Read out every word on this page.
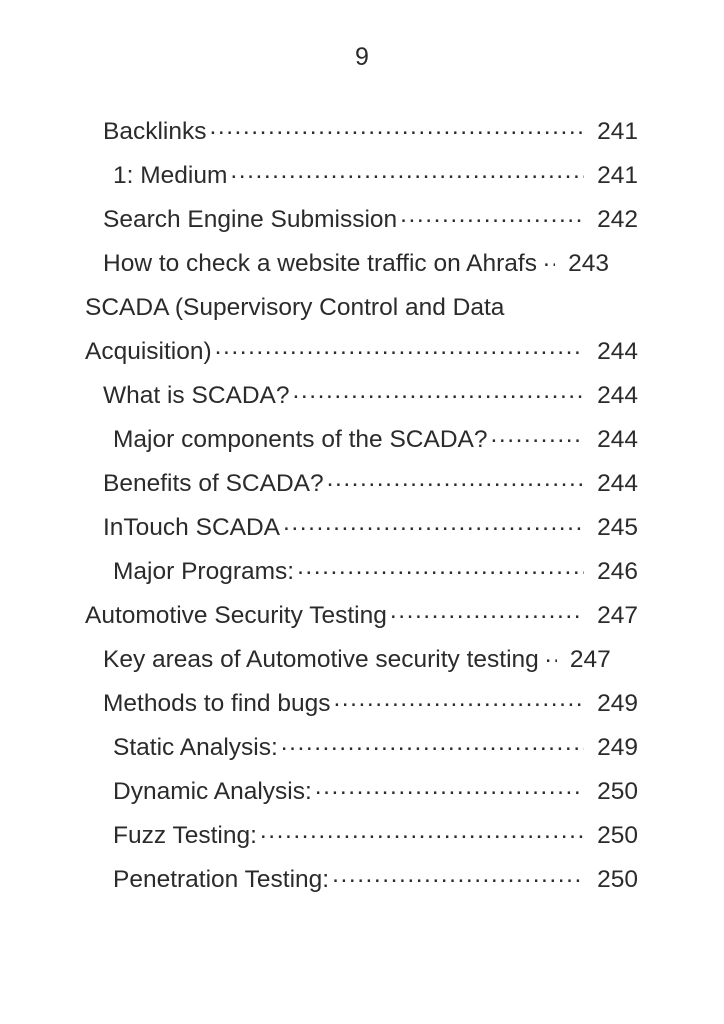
9
Backlinks .....	241
1: Medium .....	241
Search Engine Submission .....	242
How to check a website traffic on Ahrafs .....	243
SCADA (Supervisory Control and Data
Acquisition) .....	244
What is SCADA? .....	244
Major components of the SCADA? .....	244
Benefits of SCADA? .....	244
InTouch SCADA .....	245
Major Programs: .....	246
Automotive Security Testing .....	247
Key areas of Automotive security testing .....	247
Methods to find bugs .....	249
Static Analysis: .....	249
Dynamic Analysis: .....	250
Fuzz Testing: .....	250
Penetration Testing: .....	250
